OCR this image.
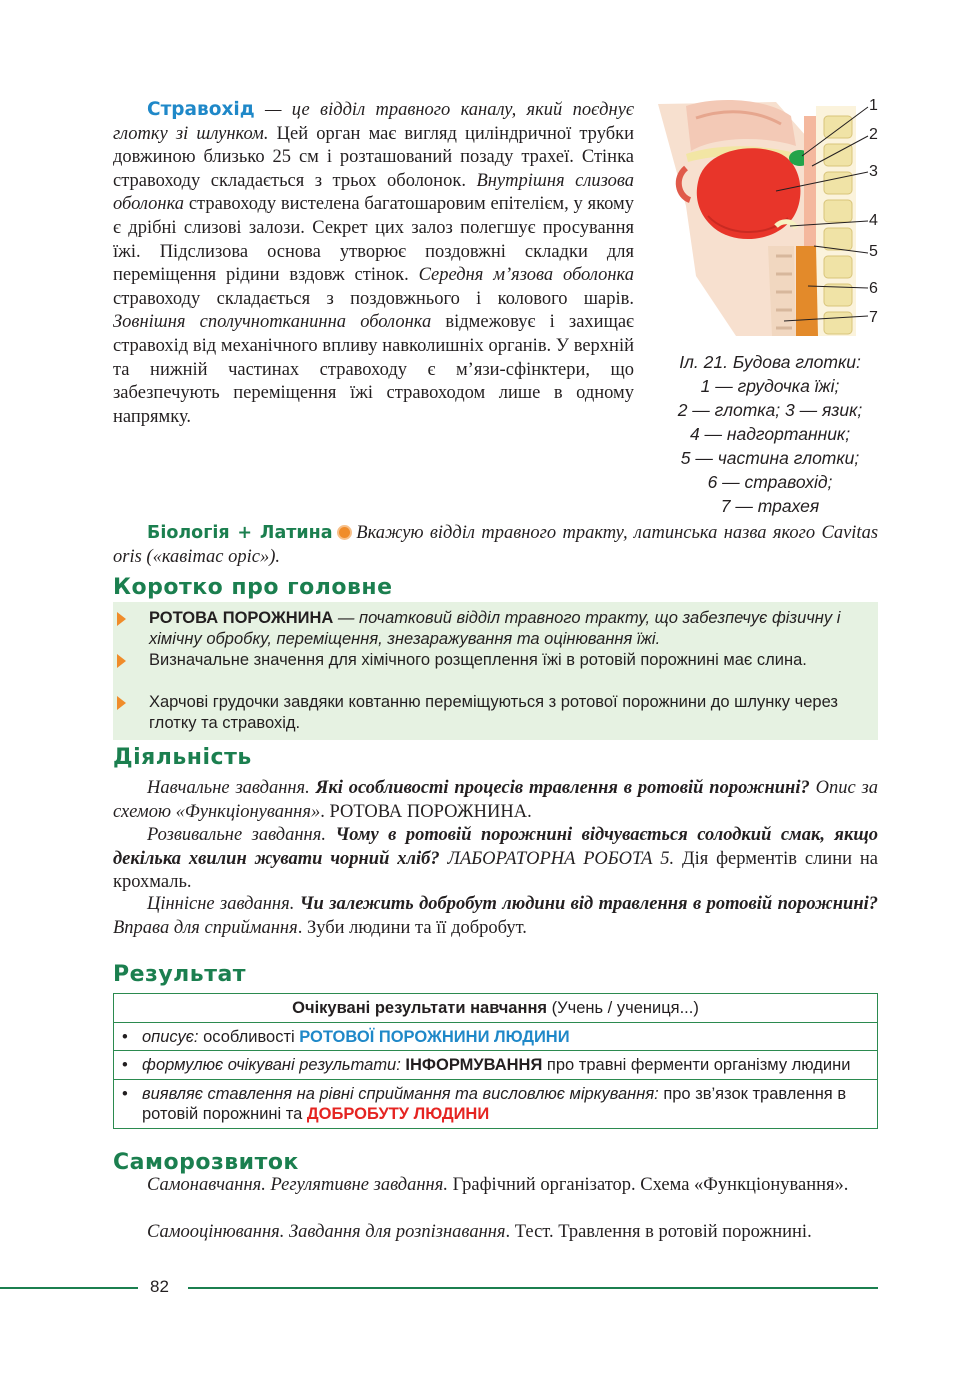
Стравохід — це відділ травного каналу, який поєднує глотку зі шлунком. Цей орган має вигляд циліндричної трубки довжиною близько 25 см і розташований позаду трахеї. Стінка стравоходу складається з трьох оболонок. Внутрішня слизова оболонка стравоходу вистелена багатошаровим епітелієм, у якому є дрібні слизові залози. Секрет цих залоз полегшує просування їжі. Підслизова основа утворює поздовжні складки для переміщення рідини вздовж стінок. Середня м’язова оболонка стравоходу складається з поздовжнього і колового шарів. Зовнішня сполучнотканинна оболонка відмежовує і захищає стравохід від механічного впливу навколишніх органів. У верхній та нижній частинах стравоходу є м’язи-сфінктери, що забезпечують переміщення їжі стравоходом лише в одному напрямку.
1
2
3
4
5
6
7
Іл. 21. Будова глотки:
1 — грудочка їжі;
2 — глотка; 3 — язик;
4 — надгортанник;
5 — частина глотки;
6 — стравохід;
7 — трахея
Біологія + Латина  Вкажую відділ травного тракту, латинська назва якого Cavitas oris («кавітас оріс»).
Коротко про головне
РОТОВА ПОРОЖНИНА — початковий відділ травного тракту, що забезпечує фізичну і хімічну обробку, переміщення, знезаражування та оцінювання їжі.
Визначальне значення для хімічного розщеплення їжі в ротовій порожнині має слина.
Харчові грудочки завдяки ковтанню переміщуються з ротової порожнини до шлунку через глотку та стравохід.
Діяльність
Навчальне завдання. Які особливості процесів травлення в ротовій порожнині? Опис за схемою «Функціонування». РОТОВА ПОРОЖНИНА.
Розвивальне завдання. Чому в ротовій порожнині відчувається солодкий смак, якщо декілька хвилин жувати чорний хліб? ЛАБОРАТОРНА РОБОТА 5. Дія ферментів слини на крохмаль.
Ціннісне завдання. Чи залежить добробут людини від травлення в ротовій порожнині? Вправа для сприймання. Зуби людини та її добробут.
Результат
Очікувані результати навчання (Учень / учениця...)
• описує: особливості РОТОВОЇ ПОРОЖНИНИ ЛЮДИНИ
• формулює очікувані результати: ІНФОРМУВАННЯ про травні ферменти організму людини
• виявляє ставлення на рівні сприймання та висловлює міркування: про зв’язок травлення в ротовій порожнині та ДОБРОБУТУ ЛЮДИНИ
Саморозвиток
Самонавчання. Регулятивне завдання. Графічний організатор. Схема «Функціонування».
Самооцінювання. Завдання для розпізнавання. Тест. Травлення в ротовій порожнині.
82
